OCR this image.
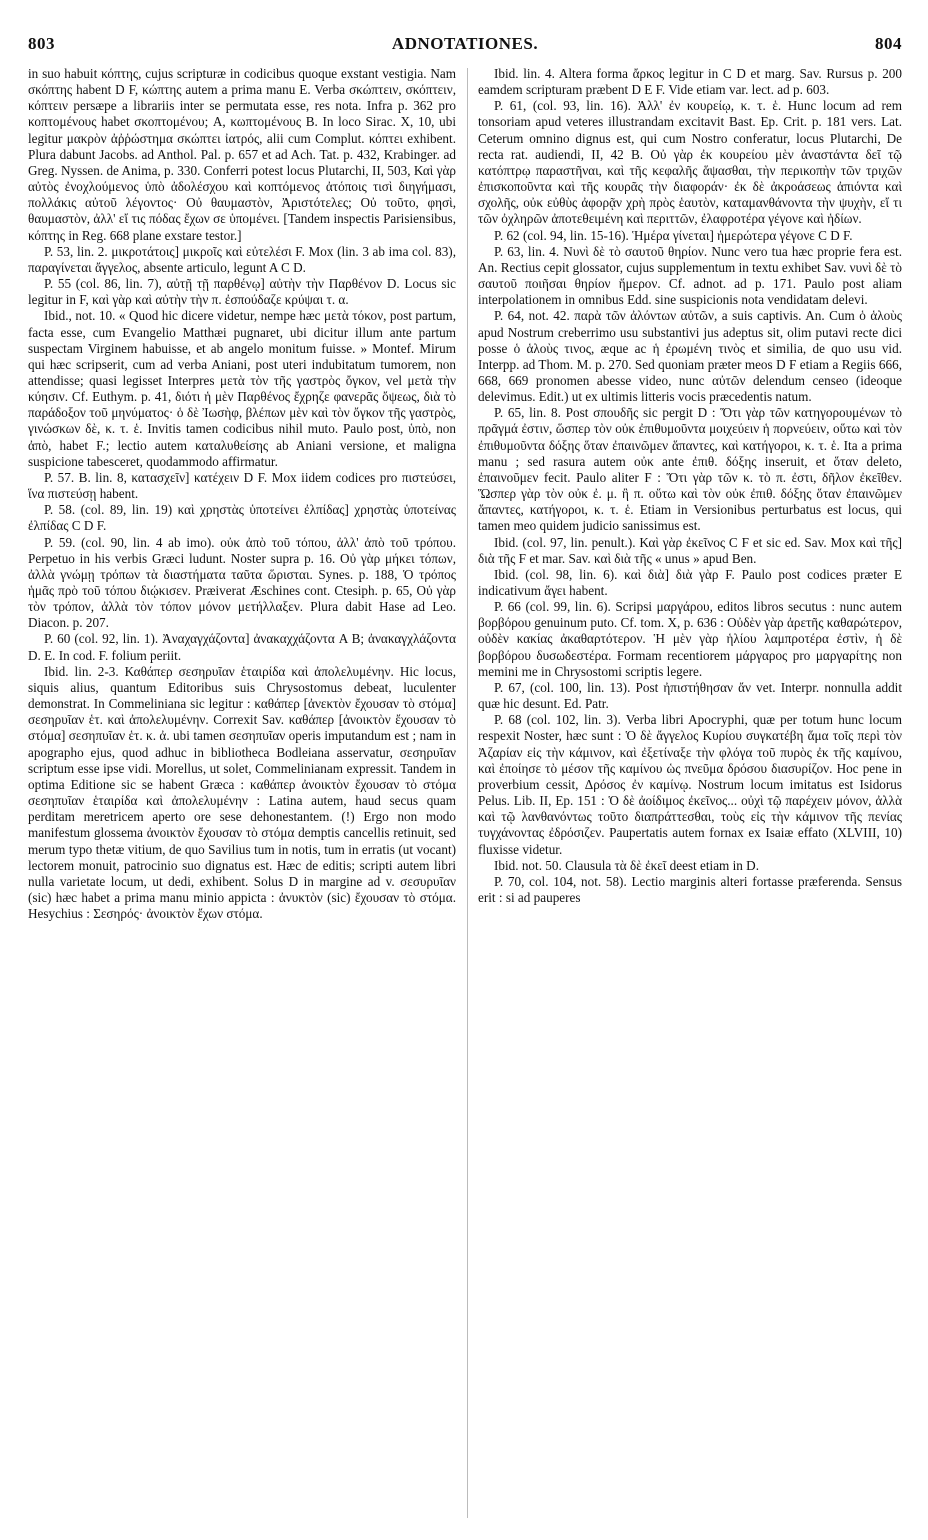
803	ADNOTATIONES.	804

in suo habuit κόπτης, cujus scripturæ in codicibus quoque exstant vestigia. Nam σκόπτης habent D F, κώπτης autem a prima manu E. Verba σκώπτειν, σκόπτειν, κόπτειν persæpe a librariis inter se permutata esse, res nota. Infra p. 362 pro κοπτομένους habet σκοπτομένου; A, κωπτομένους B. In loco Sirac. X, 10, ubi legitur μακρὸν ἀῤῥώστημα σκώπτει ἰατρός, alii cum Complut. κόπτει exhibent. Plura dabunt Jacobs. ad Anthol. Pal. p. 657 et ad Ach. Tat. p. 432, Krabinger. ad Greg. Nyssen. de Anima, p. 330. Conferri potest locus Plutarchi, II, 503, Καὶ γὰρ αὐτὸς ἐνοχλούμενος ὑπὸ ἀδολέσχου καὶ κοπτόμενος ἀτόποις τισὶ διηγήμασι, πολλάκις αὐτοῦ λέγοντος· Οὐ θαυμαστὸν, Ἀριστότελες; Οὐ τοῦτο, φησὶ, θαυμαστὸν, ἀλλ' εἴ τις πόδας ἔχων σε ὑπομένει. [Tandem inspectis Parisiensibus, κόπτης in Reg. 668 plane exstare testor.]

P. 53, lin. 2. μικροτάτοις] μικροῖς καὶ εὐτελέσι F. Mox (lin. 3 ab ima col. 83), παραγίνεται ἄγγελος, absente articulo, legunt A C D.

P. 55 (col. 86, lin. 7), αὐτῇ τῇ παρθένῳ] αὐτὴν τὴν Παρθένον D. Locus sic legitur in F, καὶ γὰρ καὶ αὐτὴν τὴν π. ἐσπούδαζε κρύψαι τ. α.

Ibid., not. 10. « Quod hic dicere videtur, nempe hæc μετὰ τόκον, post partum, facta esse, cum Evangelio Matthæi pugnaret, ubi dicitur illum ante partum suspectam Virginem habuisse, et ab angelo monitum fuisse. » Montef. Mirum qui hæc scripserit, cum ad verba Aniani, post uteri indubitatum tumorem, non attendisse; quasi legisset Interpres μετὰ τὸν τῆς γαστρὸς ὄγκον, vel μετὰ τὴν κύησιν. Cf. Euthym. p. 41, διότι ἡ μὲν Παρθένος ἔχρηζε φανερᾶς ὄψεως, διὰ τὸ παράδοξον τοῦ μηνύματος· ὁ δὲ Ἰωσὴφ, βλέπων μὲν καὶ τὸν ὄγκον τῆς γαστρὸς, γινώσκων δὲ, κ. τ. ἑ. Invitis tamen codicibus nihil muto. Paulo post, ὑπὸ, non ἀπὸ, habet F.; lectio autem καταλυθείσης ab Aniani versione, et maligna suspicione tabesceret, quodammodo affirmatur.

P. 57. B. lin. 8, κατασχεῖν] κατέχειν D F. Mox iidem codices pro πιστεύσει, ἵνα πιστεύσῃ habent.

P. 58. (col. 89, lin. 19) καὶ χρηστὰς ὑποτείνει ἐλπίδας] χρηστὰς ὑποτείνας ἐλπίδας C D F.

P. 59. (col. 90, lin. 4 ab imo). οὐκ ἀπὸ τοῦ τόπου, ἀλλ' ἀπὸ τοῦ τρόπου. Perpetuo in his verbis Græci ludunt. Noster supra p. 16. Οὐ γὰρ μήκει τόπων, ἀλλὰ γνώμῃ τρόπων τὰ διαστήματα ταῦτα ὥρισται. Synes. p. 188, Ὁ τρόπος ἡμᾶς πρὸ τοῦ τόπου διῴκισεν. Præiverat Æschines cont. Ctesiph. p. 65, Οὐ γὰρ τὸν τρόπον, ἀλλὰ τὸν τόπον μόνον μετήλλαξεν. Plura dabit Hase ad Leo. Diacon. p. 207.

P. 60 (col. 92, lin. 1). Ἀναχαγχάζοντα] ἀνακαχχάζοντα A B; ἀνακαγχλάζοντα D. E. In cod. F. folium periit.

Ibid. lin. 2-3. Καθάπερ σεσηρυῖαν ἑταιρίδα καὶ ἀπολελυμένην. Hic locus, siquis alius, quantum Editoribus suis Chrysostomus debeat, luculenter demonstrat. In Commeliniana sic legitur : καθάπερ [ἀνεκτὸν ἔχουσαν τὸ στόμα] σεσηρυῖαν ἑτ. καὶ ἀπολελυμένην. Correxit Sav. καθάπερ [ἀνοικτὸν ἔχουσαν τὸ στόμα] σεσηπυῖαν ἑτ. κ. ἀ. ubi tamen σεσηπυῖαν operis imputandum est ; nam in apographo ejus, quod adhuc in bibliotheca Bodleiana asservatur, σεσηρυῖαν scriptum esse ipse vidi. Morellus, ut solet, Commelinianam expressit. Tandem in optima Editione sic se habent Græca : καθάπερ ἀνοικτὸν ἔχουσαν τὸ στόμα σεσηπυῖαν ἑταιρίδα καὶ ἀπολελυμένην : Latina autem, haud secus quam perditam meretricem aperto ore sese dehonestantem. (!) Ergo non modo manifestum glossema ἀνοικτὸν ἔχουσαν τὸ στόμα demptis cancellis retinuit, sed merum typo thetæ vitium, de quo Savilius tum in notis, tum in erratis (ut vocant) lectorem monuit, patrocinio suo dignatus est. Hæc de editis; scripti autem libri nulla varietate locum, ut dedi, exhibent. Solus D in margine ad v. σεσυρυῖαν (sic) hæc habet a prima manu minio appicta : ἀνυκτὸν (sic) ἔχουσαν τὸ στόμα. Hesychius : Σεσηρός· ἀνοικτὸν ἔχων στόμα.

Ibid. lin. 4. Altera forma ἄρκος legitur in C D et marg. Sav. Rursus p. 200 eamdem scripturam præbent D E F. Vide etiam var. lect. ad p. 603.

P. 61, (col. 93, lin. 16). Ἀλλ' ἐν κουρείῳ, κ. τ. ἑ. Hunc locum ad rem tonsoriam apud veteres illustrandam excitavit Bast. Ep. Crit. p. 181 vers. Lat. Ceterum omnino dignus est, qui cum Nostro conferatur, locus Plutarchi, De recta rat. audiendi, II, 42 B. Οὐ γὰρ ἐκ κουρείου μὲν ἀναστάντα δεῖ τῷ κατόπτρῳ παραστῆναι, καὶ τῆς κεφαλῆς ἅψασθαι, τὴν περικοπὴν τῶν τριχῶν ἐπισκοποῦντα καὶ τῆς κουρᾶς τὴν διαφοράν· ἐκ δὲ ἀκροάσεως ἀπιόντα καὶ σχολῆς, οὐκ εὐθὺς ἀφορᾷν χρὴ πρὸς ἑαυτὸν, καταμανθάνοντα τὴν ψυχὴν, εἴ τι τῶν ὀχληρῶν ἀποτεθειμένη καὶ περιττῶν, ἐλαφροτέρα γέγονε καὶ ἡδίων.

P. 62 (col. 94, lin. 15-16). Ἡμέρα γίνεται] ἡμερώτερα γέγονε C D F.

P. 63, lin. 4. Νυνὶ δὲ τὸ σαυτοῦ θηρίον. Nunc vero tua hæc proprie fera est. An. Rectius cepit glossator, cujus supplementum in textu exhibet Sav. νυνὶ δὲ τὸ σαυτοῦ ποιῆσαι θηρίον ἥμερον. Cf. adnot. ad p. 171. Paulo post aliam interpolationem in omnibus Edd. sine suspicionis nota vendidatam delevi.

P. 64, not. 42. παρὰ τῶν ἀλόντων αὐτῶν, a suis captivis. An. Cum ὁ ἁλοὺς apud Nostrum creberrimo usu substantivi jus adeptus sit, olim putavi recte dici posse ὁ ἁλοὺς τινος, æque ac ἡ ἐρωμένη τινὸς et similia, de quo usu vid. Interpp. ad Thom. M. p. 270. Sed quoniam præter meos D F etiam a Regiis 666, 668, 669 pronomen abesse video, nunc αὐτῶν delendum censeo (ideoque delevimus. Edit.) ut ex ultimis litteris vocis præcedentis natum.

P. 65, lin. 8. Post σπουδῆς sic pergit D : Ὅτι γὰρ τῶν κατηγορουμένων τὸ πρᾶγμά ἐστιν, ὥσπερ τὸν οὐκ ἐπιθυμοῦντα μοιχεύειν ἡ πορνεύειν, οὕτω καὶ τὸν ἐπιθυμοῦντα δόξης ὅταν ἐπαινῶμεν ἅπαντες, καὶ κατήγοροι, κ. τ. ἑ. Ita a prima manu ; sed rasura autem οὐκ ante ἐπιθ. δόξης inseruit, et ὅταν deleto, ἐπαινοῦμεν fecit. Paulo aliter F : Ὅτι γὰρ τῶν κ. τὸ π. ἐστι, δῆλον ἐκεῖθεν. Ὥσπερ γὰρ τὸν οὐκ ἐ. μ. ἢ π. οὕτω καὶ τὸν οὐκ ἐπιθ. δόξης ὅταν ἐπαινῶμεν ἅπαντες, κατήγοροι, κ. τ. ἑ. Etiam in Versionibus perturbatus est locus, qui tamen meo quidem judicio sanissimus est.

Ibid. (col. 97, lin. penult.). Καὶ γὰρ ἐκεῖνος C F et sic ed. Sav. Mox καὶ τῆς] διὰ τῆς F et mar. Sav. καὶ διὰ τῆς « unus » apud Ben.

Ibid. (col. 98, lin. 6). καὶ διὰ] διὰ γὰρ F. Paulo post codices præter E indicativum ἄγει habent.

P. 66 (col. 99, lin. 6). Scripsi μαργάρου, editos libros secutus : nunc autem βορβόρου genuinum puto. Cf. tom. X, p. 636 : Οὐδὲν γὰρ ἀρετῆς καθαρώτερον, οὐδὲν κακίας ἀκαθαρτότερον. Ἡ μὲν γὰρ ἡλίου λαμπροτέρα ἐστὶν, ἡ δὲ βορβόρου δυσωδεστέρα. Formam recentiorem μάργαρος pro μαργαρίτης non memini me in Chrysostomi scriptis legere.

P. 67, (col. 100, lin. 13). Post ἠπιστήθησαν ἄν vet. Interpr. nonnulla addit quæ hic desunt. Ed. Patr.

P. 68 (col. 102, lin. 3). Verba libri Apocryphi, quæ per totum hunc locum respexit Noster, hæc sunt : Ὁ δὲ ἄγγελος Κυρίου συγκατέβη ἅμα τοῖς περὶ τὸν Ἀζαρίαν εἰς τὴν κάμινον, καὶ ἐξετίναξε τὴν φλόγα τοῦ πυρὸς ἐκ τῆς καμίνου, καὶ ἐποίησε τὸ μέσον τῆς καμίνου ὡς πνεῦμα δρόσου διασυρίζον. Hoc pene in proverbium cessit, Δρόσος ἐν καμίνῳ. Nostrum locum imitatus est Isidorus Pelus. Lib. II, Ep. 151 : Ὁ δὲ ἀοίδιμος ἐκεῖνος... οὐχὶ τῷ παρέχειν μόνον, ἀλλὰ καὶ τῷ λανθανόντως τοῦτο διαπράττεσθαι, τοὺς εἰς τὴν κάμινον τῆς πενίας τυγχάνοντας ἐδρόσιζεν. Paupertatis autem fornax ex Isaiæ effato (XLVIII, 10) fluxisse videtur.

Ibid. not. 50. Clausula τὰ δὲ ἐκεῖ deest etiam in D.

P. 70, col. 104, not. 58). Lectio marginis alteri fortasse præferenda. Sensus erit : si ad pauperes
